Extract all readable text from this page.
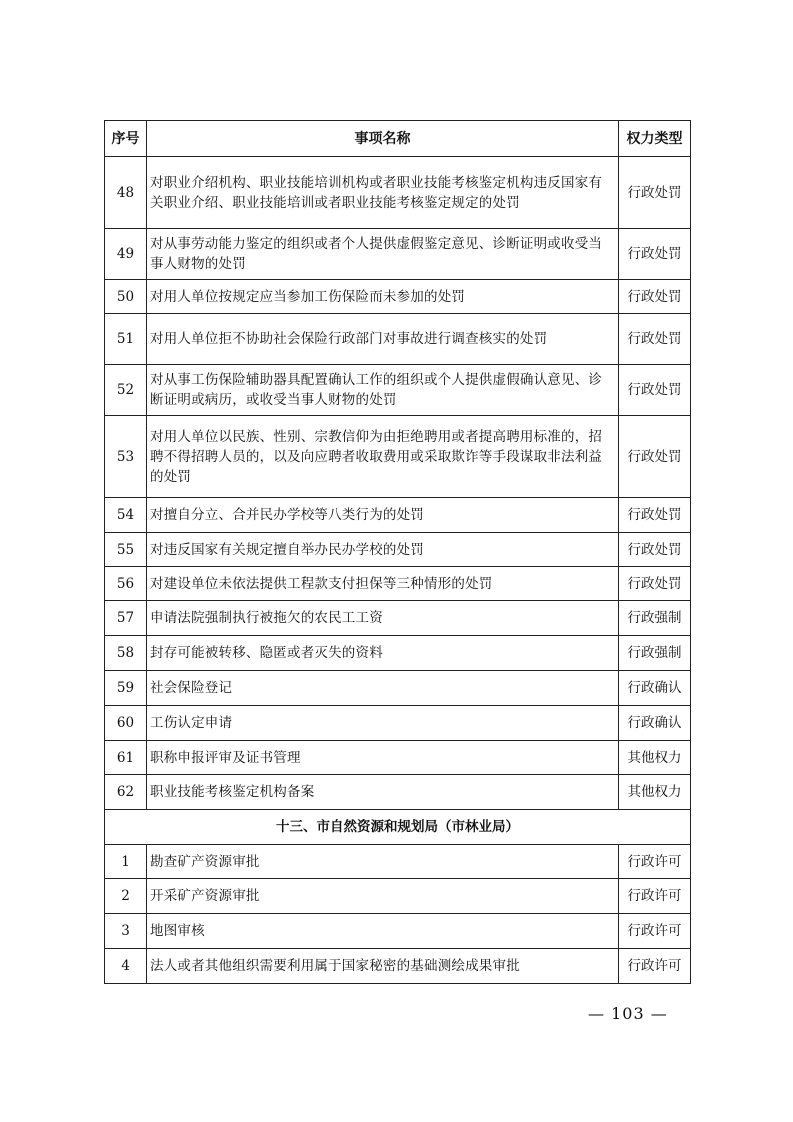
序号	事项名称	权力类型
48	对职业介绍机构、职业技能培训机构或者职业技能考核鉴定机构违反国家有关职业介绍、职业技能培训或者职业技能考核鉴定规定的处罚	行政处罚
49	对从事劳动能力鉴定的组织或者个人提供虚假鉴定意见、诊断证明或收受当事人财物的处罚	行政处罚
50	对用人单位按规定应当参加工伤保险而未参加的处罚	行政处罚
51	对用人单位拒不协助社会保险行政部门对事故进行调查核实的处罚	行政处罚
52	对从事工伤保险辅助器具配置确认工作的组织或个人提供虚假确认意见、诊断证明或病历，或收受当事人财物的处罚	行政处罚
53	对用人单位以民族、性别、宗教信仰为由拒绝聘用或者提高聘用标准的，招聘不得招聘人员的，以及向应聘者收取费用或采取欺诈等手段谋取非法利益的处罚	行政处罚
54	对擅自分立、合并民办学校等八类行为的处罚	行政处罚
55	对违反国家有关规定擅自举办民办学校的处罚	行政处罚
56	对建设单位未依法提供工程款支付担保等三种情形的处罚	行政处罚
57	申请法院强制执行被拖欠的农民工工资	行政强制
58	封存可能被转移、隐匿或者灭失的资料	行政强制
59	社会保险登记	行政确认
60	工伤认定申请	行政确认
61	职称申报评审及证书管理	其他权力
62	职业技能考核鉴定机构备案	其他权力
十三、市自然资源和规划局（市林业局）		
1	勘查矿产资源审批	行政许可
2	开采矿产资源审批	行政许可
3	地图审核	行政许可
4	法人或者其他组织需要利用属于国家秘密的基础测绘成果审批	行政许可
— 103 —
